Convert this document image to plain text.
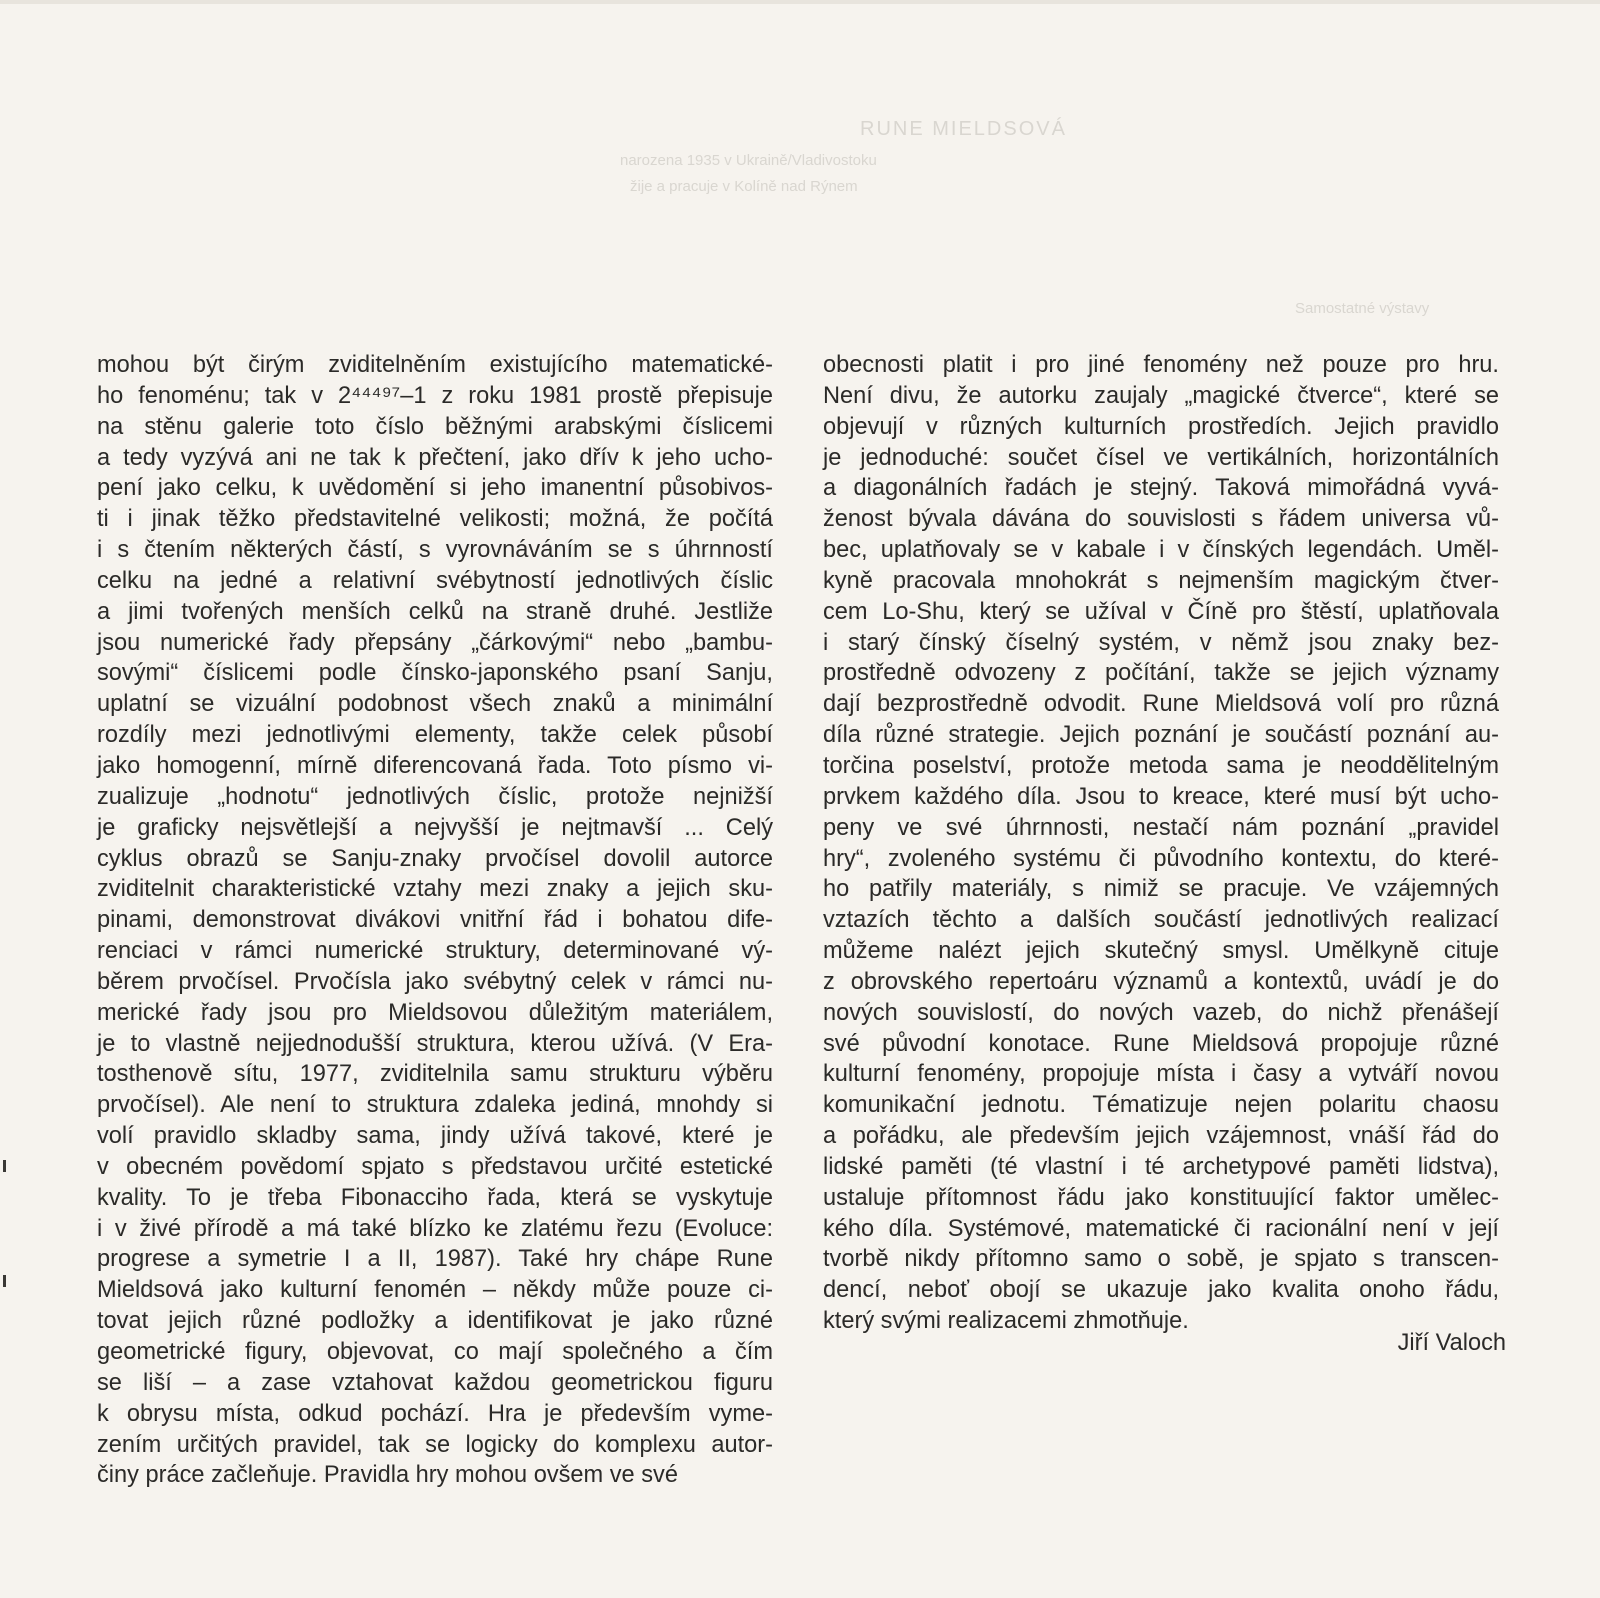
RUNE MIELDSOVÁ
narozena 1935 v Ukraině/Vladivostoku
žije a pracuje v Kolíně nad Rýnem
Samostatné výstavy
mohou být čirým zviditelněním existujícího matematické-
ho fenoménu; tak v 2⁴⁴⁴⁹⁷–1 z roku 1981 prostě přepisuje
na stěnu galerie toto číslo běžnými arabskými číslicemi
a tedy vyzývá ani ne tak k přečtení, jako dřív k jeho ucho-
pení jako celku, k uvědomění si jeho imanentní působivos-
ti i jinak těžko představitelné velikosti; možná, že počítá
i s čtením některých částí, s vyrovnáváním se s úhrnností
celku na jedné a relativní svébytností jednotlivých číslic
a jimi tvořených menších celků na straně druhé. Jestliže
jsou numerické řady přepsány „čárkovými“ nebo „bambu-
sovými“ číslicemi podle čínsko-japonského psaní Sanju,
uplatní se vizuální podobnost všech znaků a minimální
rozdíly mezi jednotlivými elementy, takže celek působí
jako homogenní, mírně diferencovaná řada. Toto písmo vi-
zualizuje „hodnotu“ jednotlivých číslic, protože nejnižší
je graficky nejsvětlejší a nejvyšší je nejtmavší ... Celý
cyklus obrazů se Sanju-znaky prvočísel dovolil autorce
zviditelnit charakteristické vztahy mezi znaky a jejich sku-
pinami, demonstrovat divákovi vnitřní řád i bohatou dife-
renciaci v rámci numerické struktury, determinované vý-
běrem prvočísel. Prvočísla jako svébytný celek v rámci nu-
merické řady jsou pro Mieldsovou důležitým materiálem,
je to vlastně nejjednodušší struktura, kterou užívá. (V Era-
tosthenově sítu, 1977, zviditelnila samu strukturu výběru
prvočísel). Ale není to struktura zdaleka jediná, mnohdy si
volí pravidlo skladby sama, jindy užívá takové, které je
v obecném povědomí spjato s představou určité estetické
kvality. To je třeba Fibonacciho řada, která se vyskytuje
i v živé přírodě a má také blízko ke zlatému řezu (Evoluce:
progrese a symetrie I a II, 1987). Také hry chápe Rune
Mieldsová jako kulturní fenomén – někdy může pouze ci-
tovat jejich různé podložky a identifikovat je jako různé
geometrické figury, objevovat, co mají společného a čím
se liší – a zase vztahovat každou geometrickou figuru
k obrysu místa, odkud pochází. Hra je především vyme-
zením určitých pravidel, tak se logicky do komplexu autor-
činy práce začleňuje. Pravidla hry mohou ovšem ve své
obecnosti platit i pro jiné fenomény než pouze pro hru.
Není divu, že autorku zaujaly „magické čtverce“, které se
objevují v různých kulturních prostředích. Jejich pravidlo
je jednoduché: součet čísel ve vertikálních, horizontálních
a diagonálních řadách je stejný. Taková mimořádná vyvá-
ženost bývala dávána do souvislosti s řádem universa vů-
bec, uplatňovaly se v kabale i v čínských legendách. Uměl-
kyně pracovala mnohokrát s nejmenším magickým čtver-
cem Lo-Shu, který se užíval v Číně pro štěstí, uplatňovala
i starý čínský číselný systém, v němž jsou znaky bez-
prostředně odvozeny z počítání, takže se jejich významy
dají bezprostředně odvodit. Rune Mieldsová volí pro různá
díla různé strategie. Jejich poznání je součástí poznání au-
torčina poselství, protože metoda sama je neoddělitelným
prvkem každého díla. Jsou to kreace, které musí být ucho-
peny ve své úhrnnosti, nestačí nám poznání „pravidel
hry“, zvoleného systému či původního kontextu, do které-
ho patřily materiály, s nimiž se pracuje. Ve vzájemných
vztazích těchto a dalších součástí jednotlivých realizací
můžeme nalézt jejich skutečný smysl. Umělkyně cituje
z obrovského repertoáru významů a kontextů, uvádí je do
nových souvislostí, do nových vazeb, do nichž přenášejí
své původní konotace. Rune Mieldsová propojuje různé
kulturní fenomény, propojuje místa i časy a vytváří novou
komunikační jednotu. Tématizuje nejen polaritu chaosu
a pořádku, ale především jejich vzájemnost, vnáší řád do
lidské paměti (té vlastní i té archetypové paměti lidstva),
ustaluje přítomnost řádu jako konstituující faktor umělec-
kého díla. Systémové, matematické či racionální není v její
tvorbě nikdy přítomno samo o sobě, je spjato s transcen-
dencí, neboť obojí se ukazuje jako kvalita onoho řádu,
který svými realizacemi zhmotňuje.
Jiří Valoch
